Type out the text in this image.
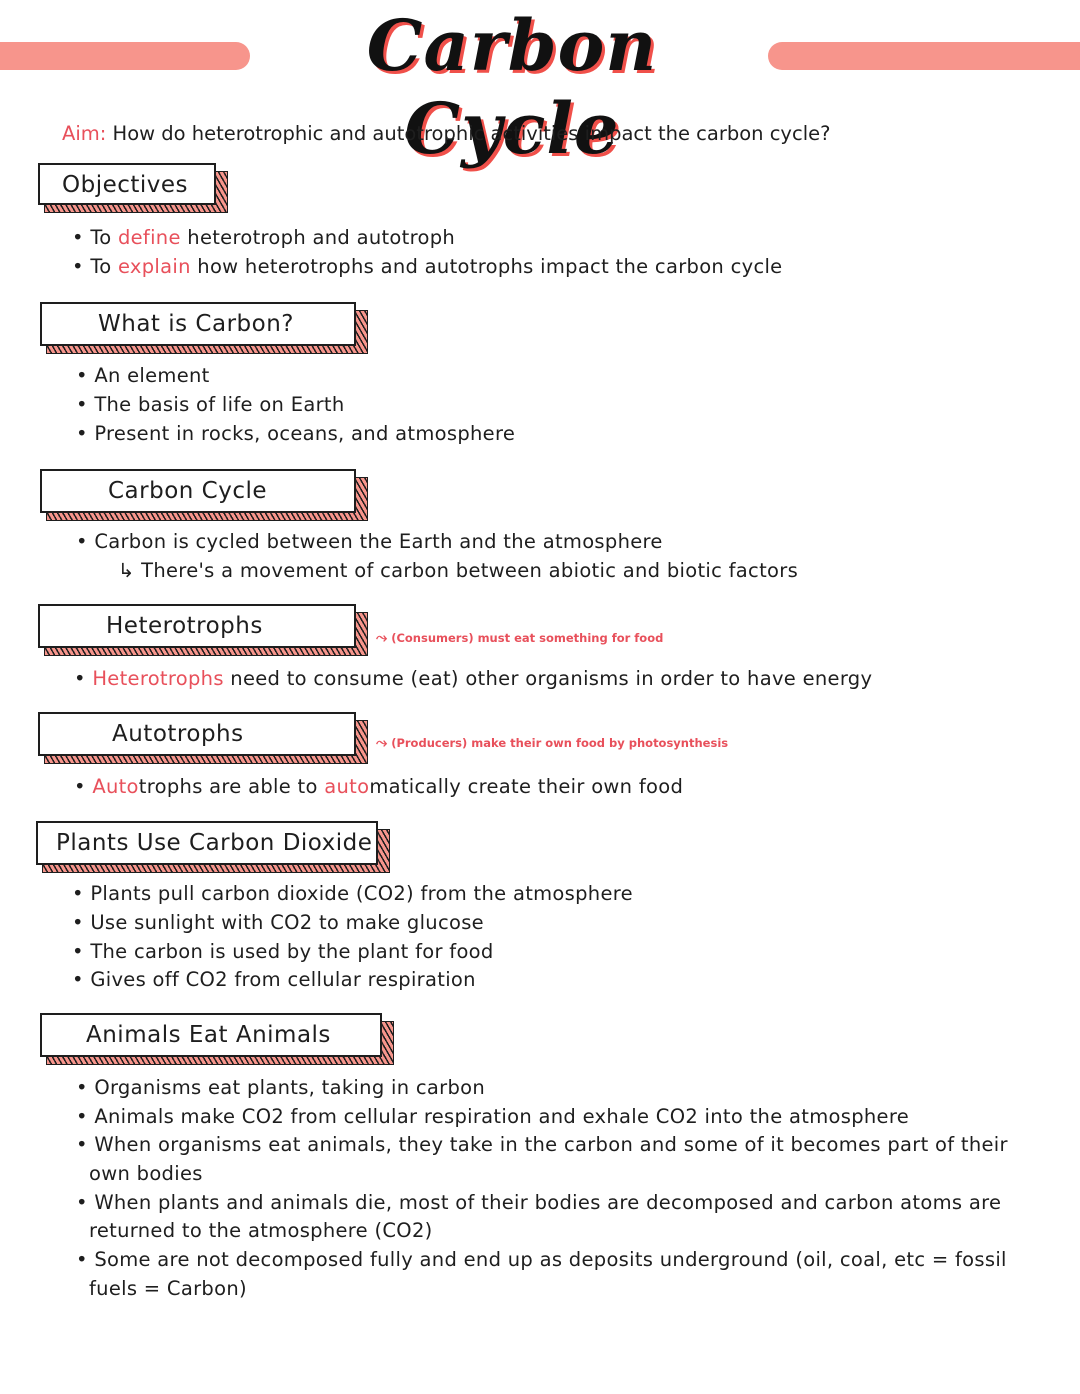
Carbon Cycle
Aim: How do heterotrophic and autotrophic activities impact the carbon cycle?
Objectives
• To define heterotroph and autotroph
• To explain how heterotrophs and autotrophs impact the carbon cycle
What is Carbon?
• An element
• The basis of life on Earth
• Present in rocks, oceans, and atmosphere
Carbon Cycle
• Carbon is cycled between the Earth and the atmosphere
↳ There's a movement of carbon between abiotic and biotic factors
Heterotrophs	⤳ (Consumers) must eat something for food
• Heterotrophs need to consume (eat) other organisms in order to have energy
Autotrophs	⤳ (Producers) make their own food by photosynthesis
• Autotrophs are able to automatically create their own food
Plants Use Carbon Dioxide
• Plants pull carbon dioxide (CO2) from the atmosphere
• Use sunlight with CO2 to make glucose
• The carbon is used by the plant for food
• Gives off CO2 from cellular respiration
Animals Eat Animals
• Organisms eat plants, taking in carbon
• Animals make CO2 from cellular respiration and exhale CO2 into the atmosphere
• When organisms eat animals, they take in the carbon and some of it becomes part of their
own bodies
• When plants and animals die, most of their bodies are decomposed and carbon atoms are
returned to the atmosphere (CO2)
• Some are not decomposed fully and end up as deposits underground (oil, coal, etc = fossil
fuels = Carbon)
